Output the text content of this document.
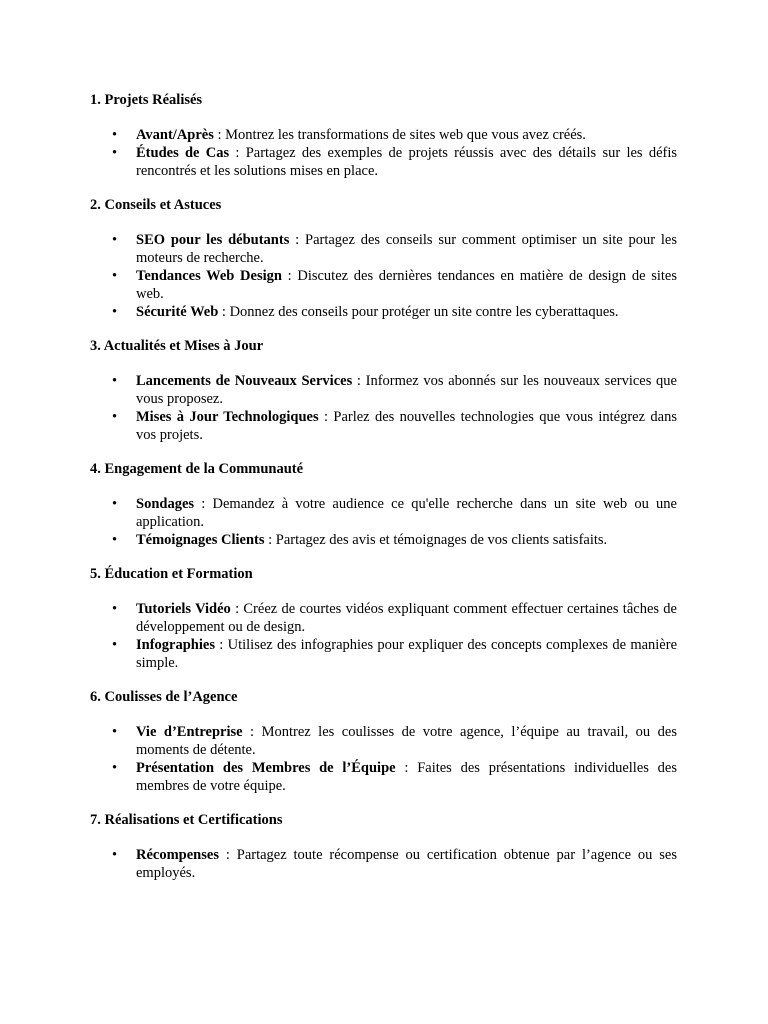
1. Projets Réalisés

• Avant/Après : Montrez les transformations de sites web que vous avez créés.
• Études de Cas : Partagez des exemples de projets réussis avec des détails sur les défis rencontrés et les solutions mises en place.

2. Conseils et Astuces

• SEO pour les débutants : Partagez des conseils sur comment optimiser un site pour les moteurs de recherche.
• Tendances Web Design : Discutez des dernières tendances en matière de design de sites web.
• Sécurité Web : Donnez des conseils pour protéger un site contre les cyberattaques.

3. Actualités et Mises à Jour

• Lancements de Nouveaux Services : Informez vos abonnés sur les nouveaux services que vous proposez.
• Mises à Jour Technologiques : Parlez des nouvelles technologies que vous intégrez dans vos projets.

4. Engagement de la Communauté

• Sondages : Demandez à votre audience ce qu'elle recherche dans un site web ou une application.
• Témoignages Clients : Partagez des avis et témoignages de vos clients satisfaits.

5. Éducation et Formation

• Tutoriels Vidéo : Créez de courtes vidéos expliquant comment effectuer certaines tâches de développement ou de design.
• Infographies : Utilisez des infographies pour expliquer des concepts complexes de manière simple.

6. Coulisses de l’Agence

• Vie d’Entreprise : Montrez les coulisses de votre agence, l’équipe au travail, ou des moments de détente.
• Présentation des Membres de l’Équipe : Faites des présentations individuelles des membres de votre équipe.

7. Réalisations et Certifications

• Récompenses : Partagez toute récompense ou certification obtenue par l’agence ou ses employés.
